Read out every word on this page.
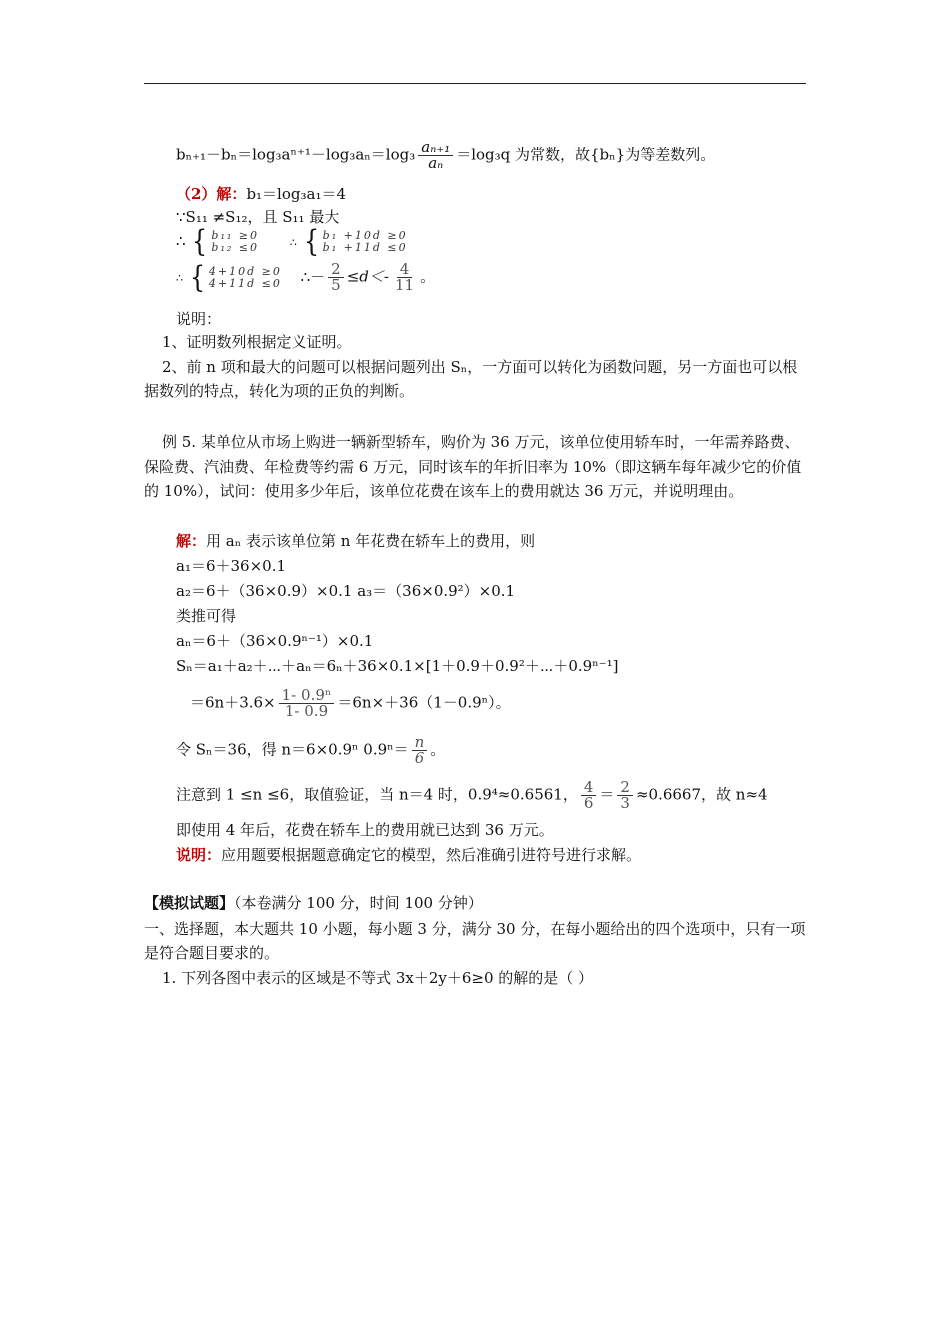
$b_{n+1}-b_n=\log_3a^{n+1}-\log_3a_n=\log_3 \frac{\text{aₙ₊₁}}{\text{aₙ}} =\log_3q$ 为常数，故{bₙ}为等差数列。
（2）解：b₁＝log₃a₁＝4
∵S₁₁ ≠S₁₂，且 S₁₁ 最大
∴ { b₁₁ ≥0
b₁₂ ≤0	∴ { b₁ +10d ≥0
b₁ +11d ≤0
∴ { 4+10d ≥0
4+11d ≤0 ∴－ $\frac{2}{5} \le d<- \frac{4}{11}$ 。
说明：
1、证明数列根据定义证明。
2、前 n 项和最大的问题可以根据问题列出 Sₙ，一方面可以转化为函数问题，另一方面也可以根据数列的特点，转化为项的正负的判断。
例 5. 某单位从市场上购进一辆新型轿车，购价为 36 万元，该单位使用轿车时，一年需养路费、保险费、汽油费、年检费等约需 6 万元，同时该车的年折旧率为 10%（即这辆车每年减少它的价值的 10%），试问：使用多少年后，该单位花费在该车上的费用就达 36 万元，并说明理由。
解：用 aₙ 表示该单位第 n 年花费在轿车上的费用，则
a₁＝6＋36×0.1
a₂＝6＋（36×0.9）×0.1 a₃＝（36×0.9²）×0.1
类推可得
aₙ＝6＋（36×0.9ⁿ⁻¹）×0.1
Sₙ＝a₁＋a₂＋⋯＋aₙ＝6ₙ＋36×0.1×[1＋0.9＋0.9²＋⋯＋0.9ⁿ⁻¹]
$=6n+3.6\times \frac{\text{1- 0.9ⁿ}}{1- 0.9} =6n\times+36(1-0.9^n)$。
令 Sₙ＝36，得 n＝6×0.9ⁿ $0.9^n= \frac{n}{6}$ 。
注意到 1 ≤n ≤6，取值验证，当 n＝4 时，0.9⁴≈0.6561， $\frac{4}{6} = \frac{2}{3} \approx 0.6667$，故 n≈4
即使用 4 年后，花费在轿车上的费用就已达到 36 万元。
说明：应用题要根据题意确定它的模型，然后准确引进符号进行求解。
【模拟试题】（本卷满分 100 分，时间 100 分钟）
一、选择题，本大题共 10 小题，每小题 3 分，满分 30 分，在每小题给出的四个选项中，只有一项是符合题目要求的。
1. 下列各图中表示的区域是不等式 3x＋2y＋6≥0 的解的是（ ）
